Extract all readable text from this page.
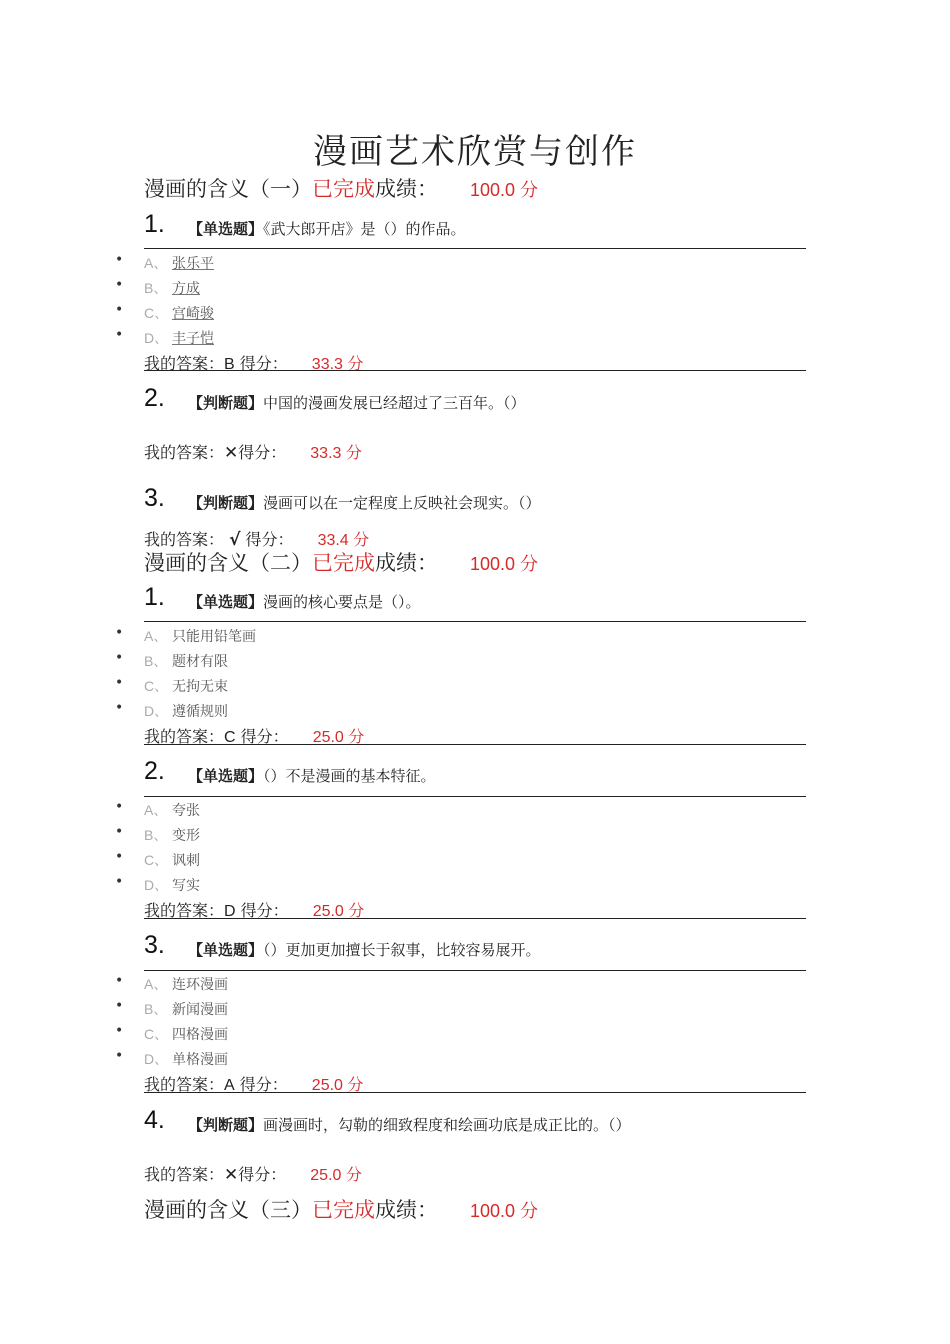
漫画艺术欣赏与创作
漫画的含义（一）已完成成绩： 100.0 分
1. 【单选题】《武大郎开店》是（）的作品。
• A、 张乐平
• B、 方成
• C、 宫崎骏
• D、 丰子恺
我的答案：B 得分： 33.3 分
2. 【判断题】中国的漫画发展已经超过了三百年。（）
我的答案：✕得分： 33.3 分
3. 【判断题】漫画可以在一定程度上反映社会现实。（）
我的答案： √ 得分： 33.4 分
漫画的含义（二）已完成成绩： 100.0 分
1. 【单选题】漫画的核心要点是（）。
• A、 只能用铅笔画
• B、 题材有限
• C、 无拘无束
• D、 遵循规则
我的答案：C 得分： 25.0 分
2. 【单选题】（）不是漫画的基本特征。
• A、 夸张
• B、 变形
• C、 讽刺
• D、 写实
我的答案：D 得分： 25.0 分
3. 【单选题】（）更加更加擅长于叙事，比较容易展开。
• A、 连环漫画
• B、 新闻漫画
• C、 四格漫画
• D、 单格漫画
我的答案：A 得分： 25.0 分
4. 【判断题】画漫画时，勾勒的细致程度和绘画功底是成正比的。（）
我的答案：✕得分： 25.0 分
漫画的含义（三）已完成成绩： 100.0 分
